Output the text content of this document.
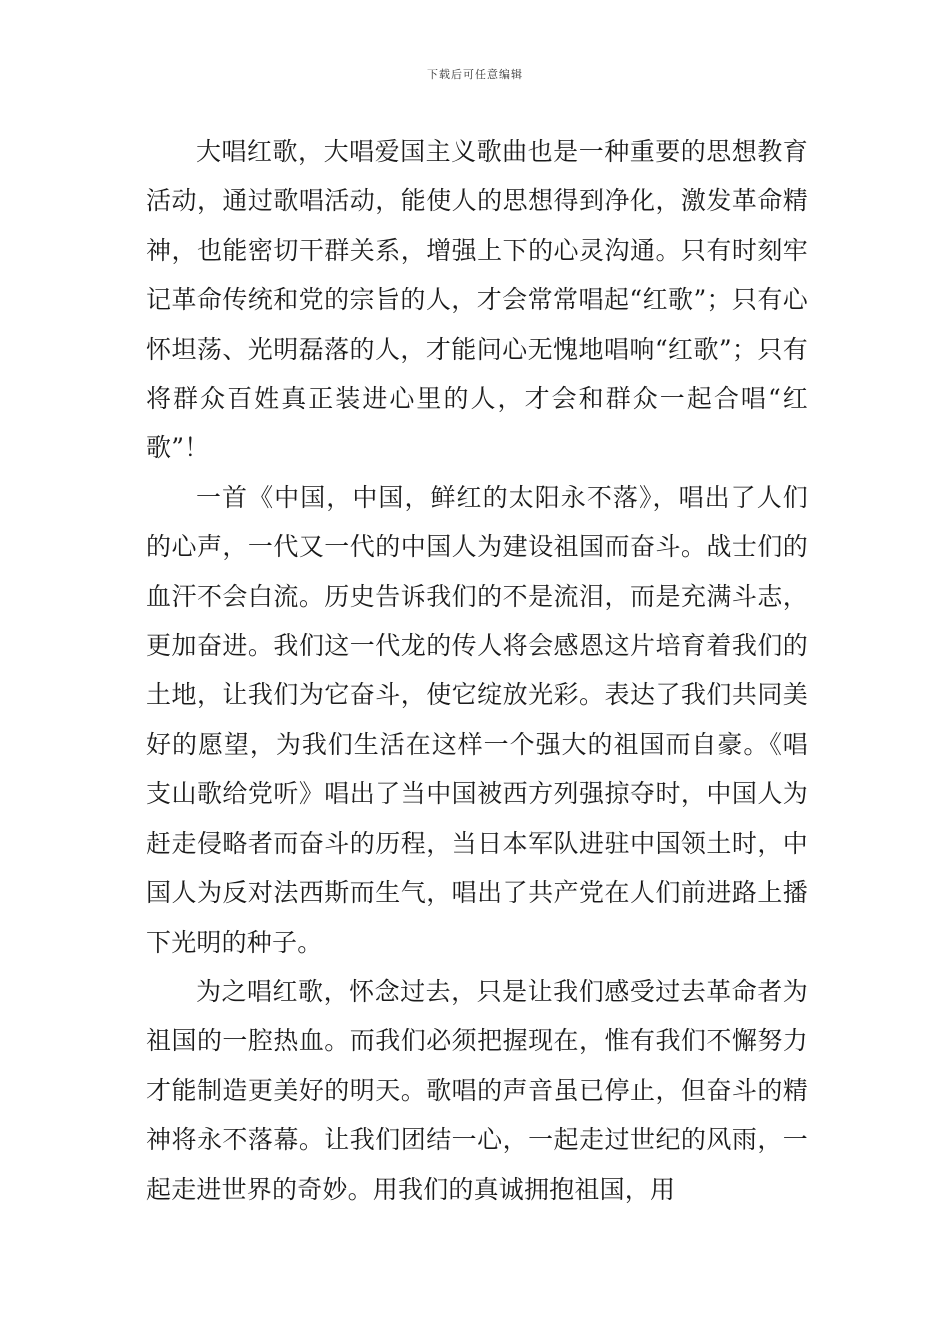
下载后可任意编辑

大唱红歌，大唱爱国主义歌曲也是一种重要的思想教育活动，通过歌唱活动，能使人的思想得到净化，激发革命精神，也能密切干群关系，增强上下的心灵沟通。只有时刻牢记革命传统和党的宗旨的人，才会常常唱起“红歌”；只有心怀坦荡、光明磊落的人，才能问心无愧地唱响“红歌”；只有将群众百姓真正装进心里的人，才会和群众一起合唱“红歌”！

一首《中国，中国，鲜红的太阳永不落》，唱出了人们的心声，一代又一代的中国人为建设祖国而奋斗。战士们的血汗不会白流。历史告诉我们的不是流泪，而是充满斗志，更加奋进。我们这一代龙的传人将会感恩这片培育着我们的土地，让我们为它奋斗，使它绽放光彩。表达了我们共同美好的愿望，为我们生活在这样一个强大的祖国而自豪。《唱支山歌给党听》唱出了当中国被西方列强掠夺时，中国人为赶走侵略者而奋斗的历程，当日本军队进驻中国领土时，中国人为反对法西斯而生气，唱出了共产党在人们前进路上播下光明的种子。

为之唱红歌，怀念过去，只是让我们感受过去革命者为祖国的一腔热血。而我们必须把握现在，惟有我们不懈努力才能制造更美好的明天。歌唱的声音虽已停止，但奋斗的精神将永不落幕。让我们团结一心，一起走过世纪的风雨，一起走进世界的奇妙。用我们的真诚拥抱祖国，用
